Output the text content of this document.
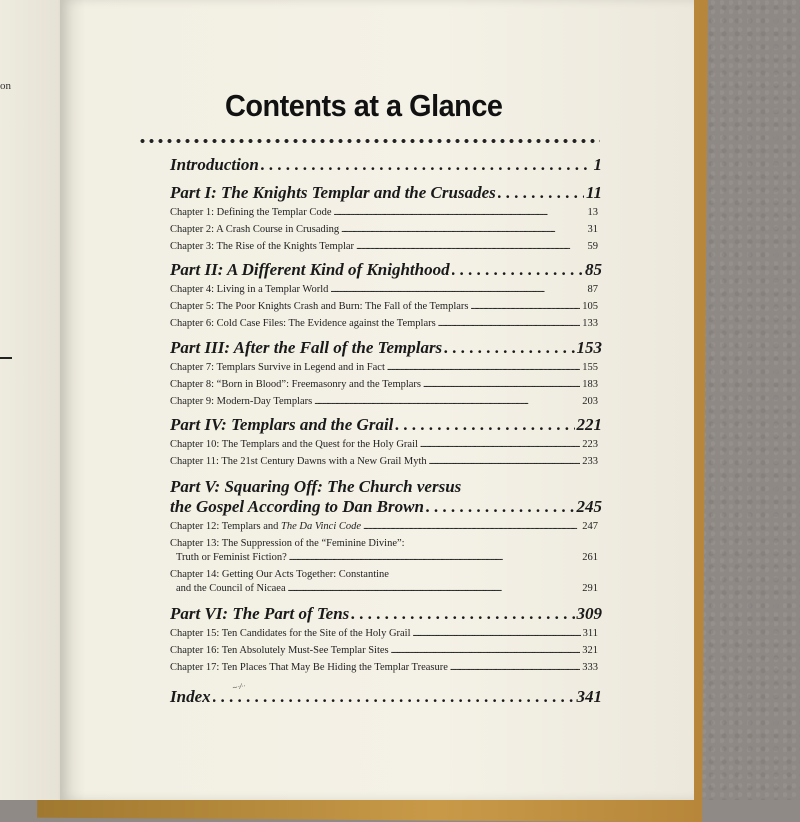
on
Contents at a Glance
Introduction . . .	1
Part I: The Knights Templar and the Crusades . . .	11
Chapter 1: Defining the Templar Code . . .	13
Chapter 2: A Crash Course in Crusading . . .	31
Chapter 3: The Rise of the Knights Templar . . .	59
Part II: A Different Kind of Knighthood . . .	85
Chapter 4: Living in a Templar World . . .	87
Chapter 5: The Poor Knights Crash and Burn: The Fall of the Templars . . .	105
Chapter 6: Cold Case Files: The Evidence against the Templars . . .	133
Part III: After the Fall of the Templars . . .	153
Chapter 7: Templars Survive in Legend and in Fact . . .	155
Chapter 8: “Born in Blood”: Freemasonry and the Templars . . .	183
Chapter 9: Modern-Day Templars . . .	203
Part IV: Templars and the Grail . . .	221
Chapter 10: The Templars and the Quest for the Holy Grail . . .	223
Chapter 11: The 21st Century Dawns with a New Grail Myth . . .	233
Part V: Squaring Off: The Church versus
the Gospel According to Dan Brown . . .	245
Chapter 12: Templars and The Da Vinci Code . . .	247
Chapter 13: The Suppression of the “Feminine Divine”:
Truth or Feminist Fiction? . . .	261
Chapter 14: Getting Our Acts Together: Constantine
and the Council of Nicaea . . .	291
Part VI: The Part of Tens . . .	309
Chapter 15: Ten Candidates for the Site of the Holy Grail . . .	311
Chapter 16: Ten Absolutely Must-See Templar Sites . . .	321
Chapter 17: Ten Places That May Be Hiding the Templar Treasure . . .	333
Index . . .	341
~·⁄··
